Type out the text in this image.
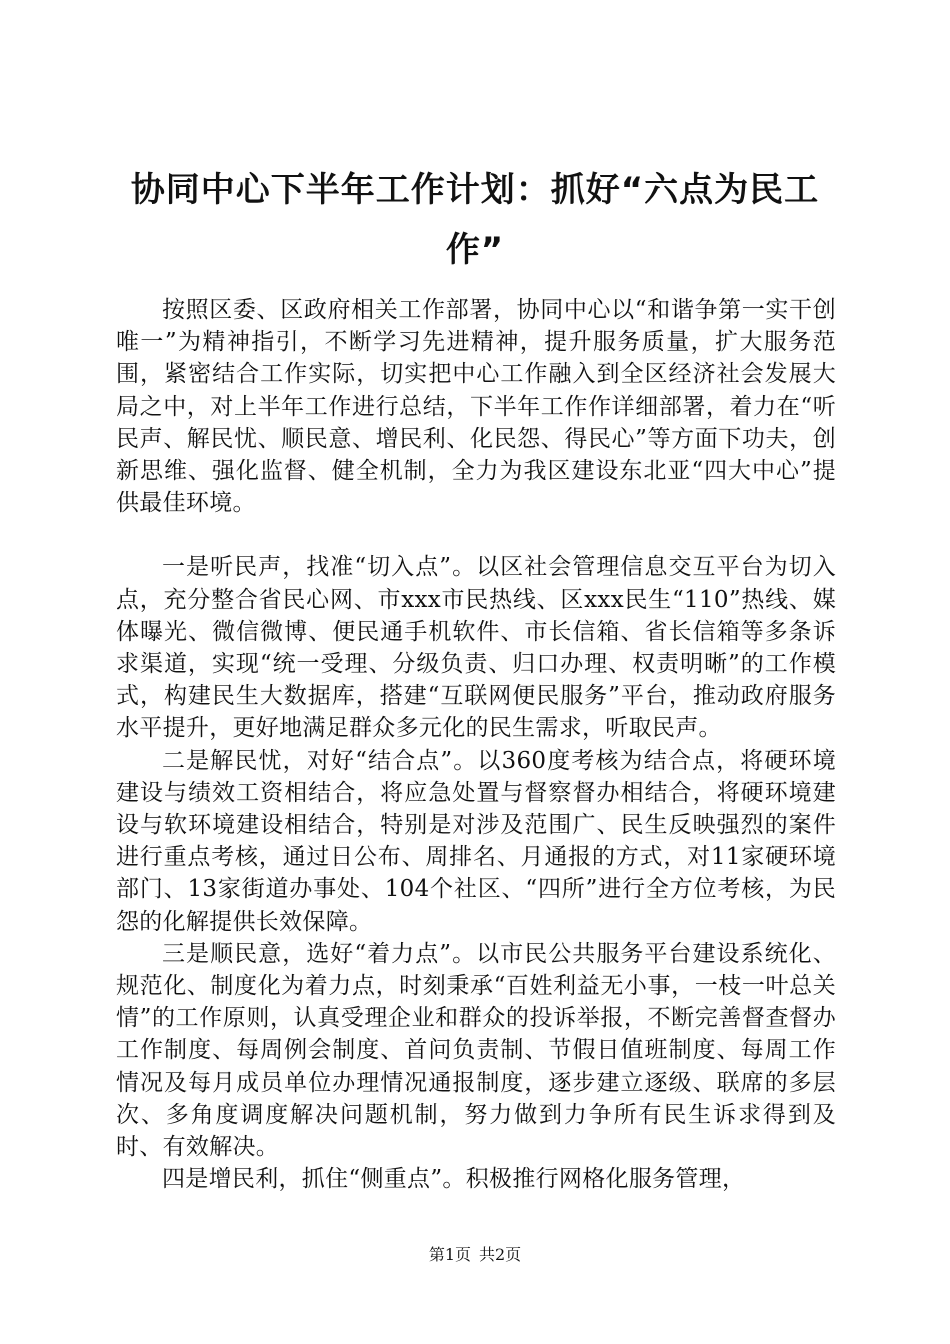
协同中心下半年工作计划：抓好“六点为民工作”

按照区委、区政府相关工作部署，协同中心以“和谐争第一实干创唯一”为精神指引，不断学习先进精神，提升服务质量，扩大服务范围，紧密结合工作实际，切实把中心工作融入到全区经济社会发展大局之中，对上半年工作进行总结，下半年工作作详细部署，着力在“听民声、解民忧、顺民意、增民利、化民怨、得民心”等方面下功夫，创新思维、强化监督、健全机制，全力为我区建设东北亚“四大中心”提供最佳环境。

一是听民声，找准“切入点”。以区社会管理信息交互平台为切入点，充分整合省民心网、市xxx市民热线、区xxx民生“110”热线、媒体曝光、微信微博、便民通手机软件、市长信箱、省长信箱等多条诉求渠道，实现“统一受理、分级负责、归口办理、权责明晰”的工作模式，构建民生大数据库，搭建“互联网便民服务”平台，推动政府服务水平提升，更好地满足群众多元化的民生需求，听取民声。

二是解民忧，对好“结合点”。以360度考核为结合点，将硬环境建设与绩效工资相结合，将应急处置与督察督办相结合，将硬环境建设与软环境建设相结合，特别是对涉及范围广、民生反映强烈的案件进行重点考核，通过日公布、周排名、月通报的方式，对11家硬环境部门、13家街道办事处、104个社区、“四所”进行全方位考核，为民怨的化解提供长效保障。

三是顺民意，选好“着力点”。以市民公共服务平台建设系统化、规范化、制度化为着力点，时刻秉承“百姓利益无小事，一枝一叶总关情”的工作原则，认真受理企业和群众的投诉举报，不断完善督查督办工作制度、每周例会制度、首问负责制、节假日值班制度、每周工作情况及每月成员单位办理情况通报制度，逐步建立逐级、联席的多层次、多角度调度解决问题机制，努力做到力争所有民生诉求得到及时、有效解决。

四是增民利，抓住“侧重点”。积极推行网格化服务管理，

第1页 共2页
